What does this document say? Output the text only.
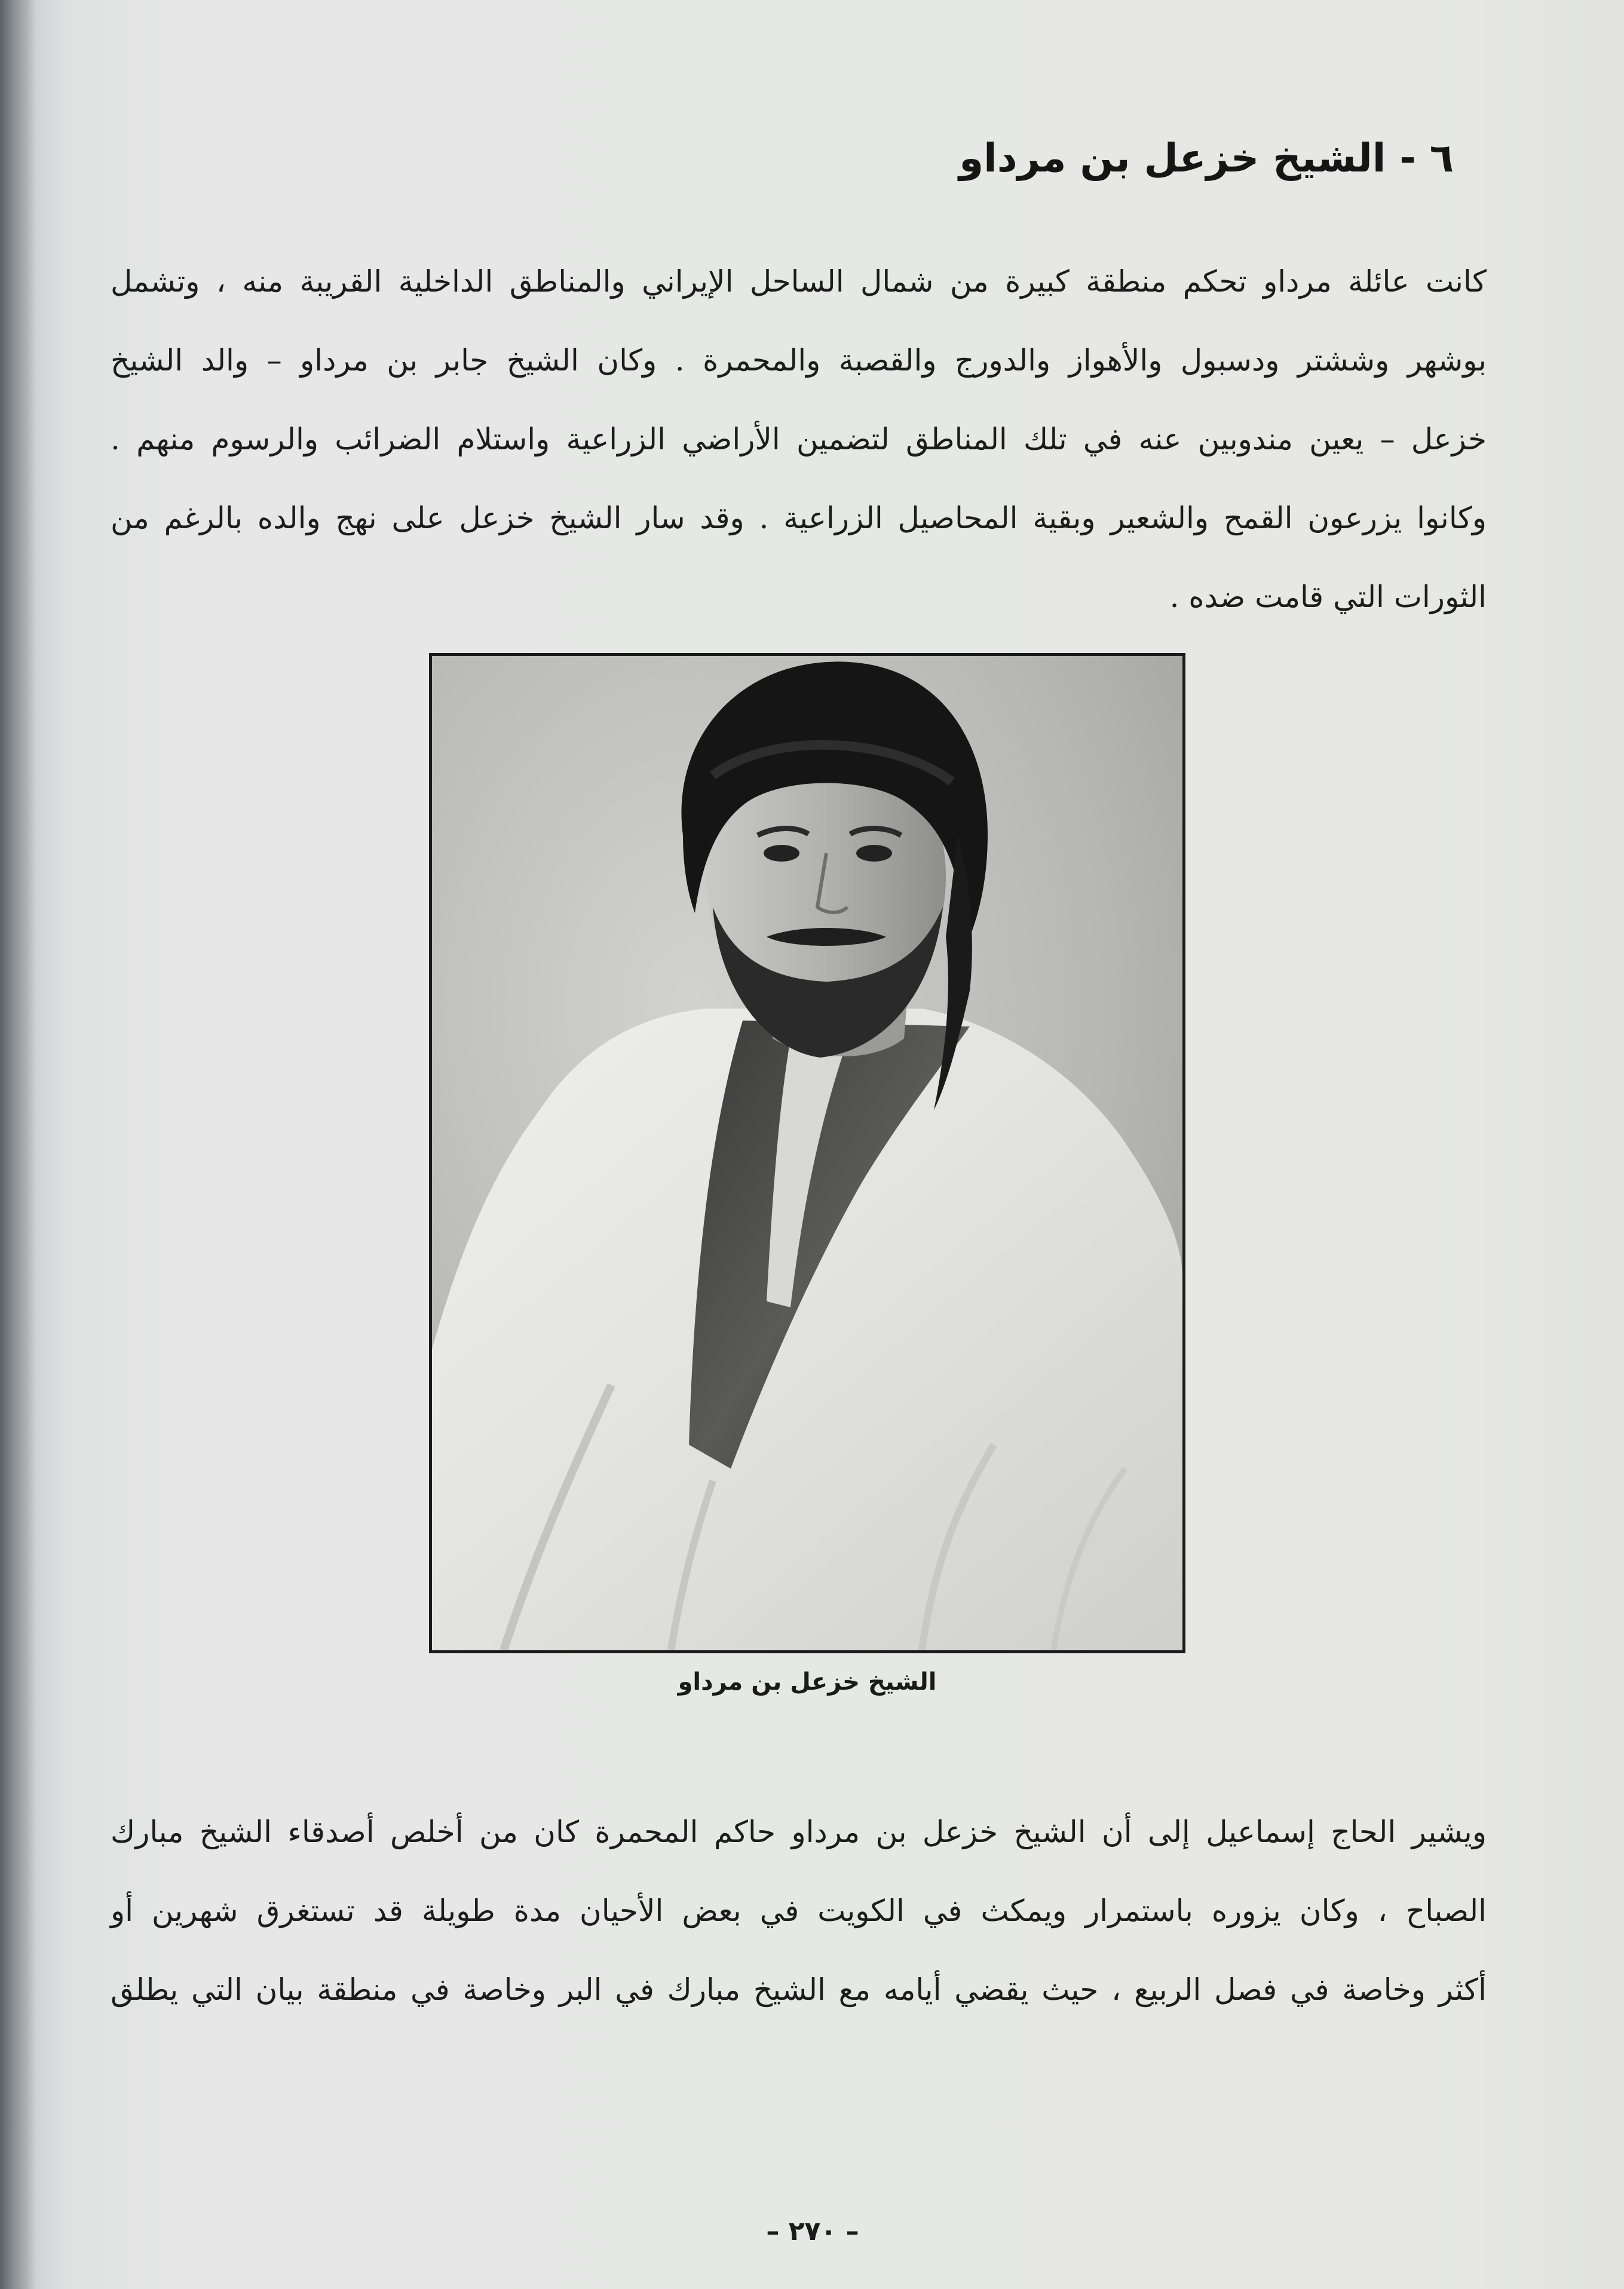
٦ - الشيخ خزعل بن مرداو
كانت عائلة مرداو تحكم منطقة كبيرة من شمال الساحل الإيراني والمناطق الداخلية القريبة منه ، وتشمل
بوشهر وششتر ودسبول والأهواز والدورج والقصبة والمحمرة . وكان الشيخ جابر بن مرداو – والد الشيخ
خزعل – يعين مندوبين عنه في تلك المناطق لتضمين الأراضي الزراعية واستلام الضرائب والرسوم منهم .
وكانوا يزرعون القمح والشعير وبقية المحاصيل الزراعية . وقد سار الشيخ خزعل على نهج والده بالرغم من
الثورات التي قامت ضده .
الشيخ خزعل بن مرداو
ويشير الحاج إسماعيل إلى أن الشيخ خزعل بن مرداو حاكم المحمرة كان من أخلص أصدقاء الشيخ مبارك
الصباح ، وكان يزوره باستمرار ويمكث في الكويت في بعض الأحيان مدة طويلة قد تستغرق شهرين أو
أكثر وخاصة في فصل الربيع ، حيث يقضي أيامه مع الشيخ مبارك في البر وخاصة في منطقة بيان التي يطلق
– ٢٧٠ –
